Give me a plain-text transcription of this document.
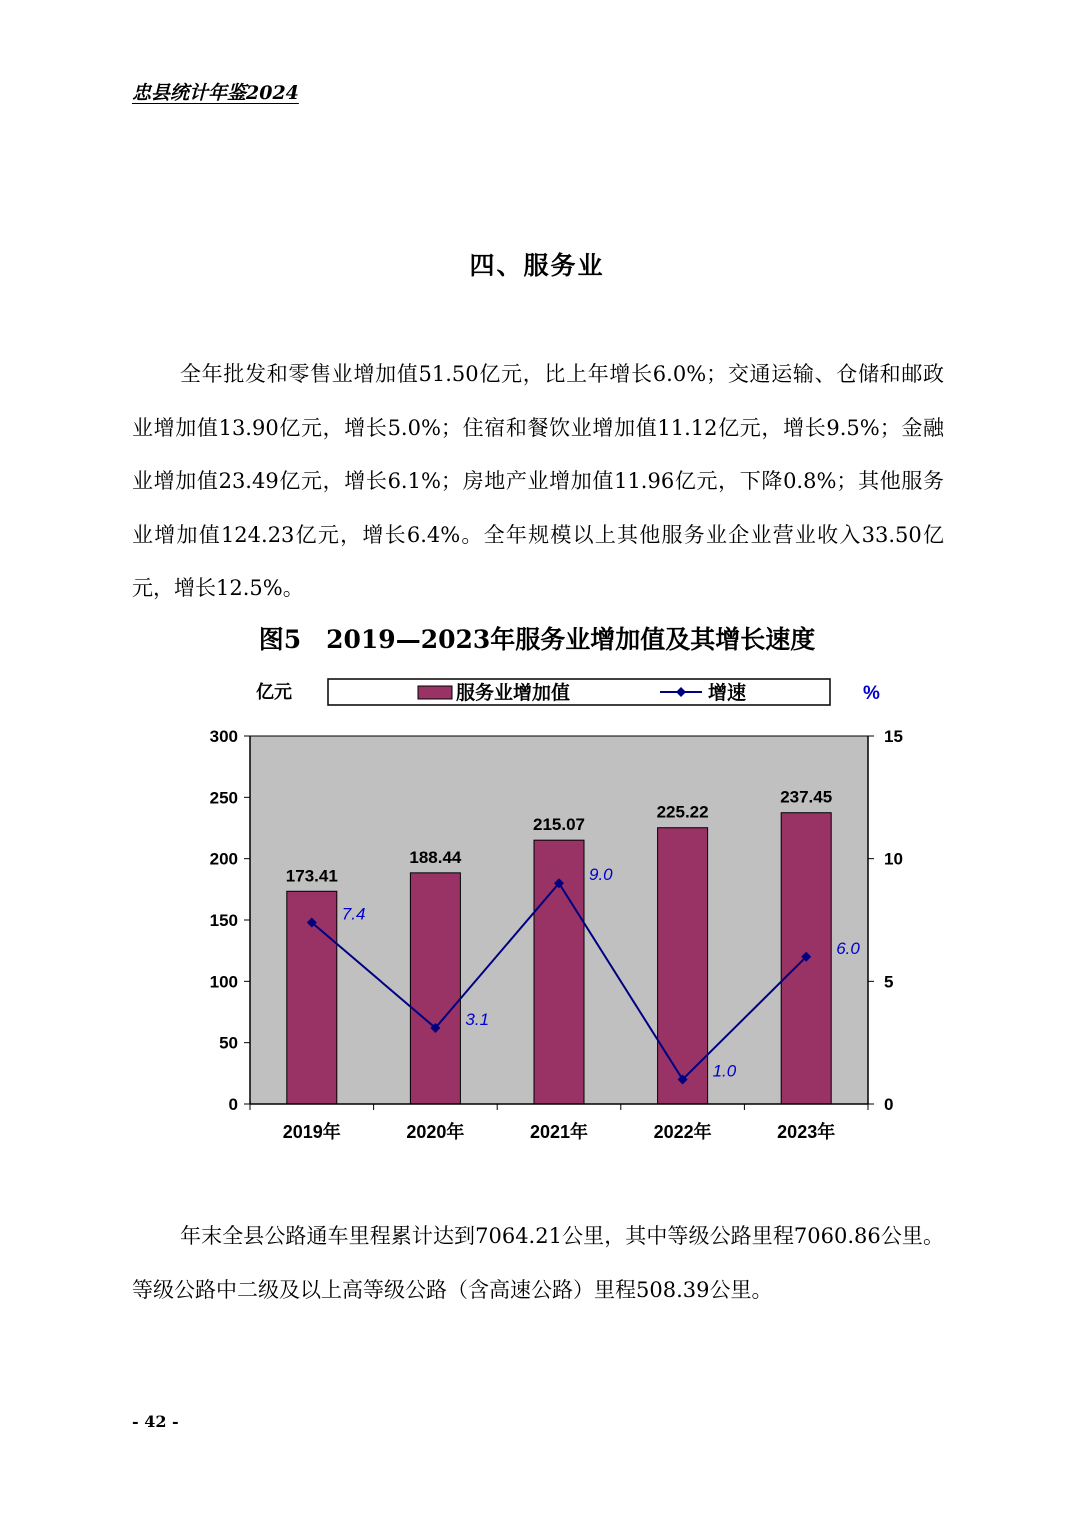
忠县统计年鉴2024
四、服务业

全年批发和零售业增加值51.50亿元，比上年增长6.0%；交通运输、仓储和邮政业增加值13.90亿元，增长5.0%；住宿和餐饮业增加值11.12亿元，增长9.5%；金融业增加值23.49亿元，增长6.1%；房地产业增加值11.96亿元，下降0.8%；其他服务业增加值124.23亿元，增长6.4%。全年规模以上其他服务业企业营业收入33.50亿元，增长12.5%。

图5　2019—2023年服务业增加值及其增长速度
亿元	%
服务业增加值	增速
0
50
100
150
200
250
300
0
5
10
15
2019年	2020年	2021年	2022年	2023年
173.41
188.44
215.07
225.22
237.45
7.4
3.1
9.0
1.0
6.0

年末全县公路通车里程累计达到7064.21公里，其中等级公路里程7060.86公里。等级公路中二级及以上高等级公路（含高速公路）里程508.39公里。

- 42 -
